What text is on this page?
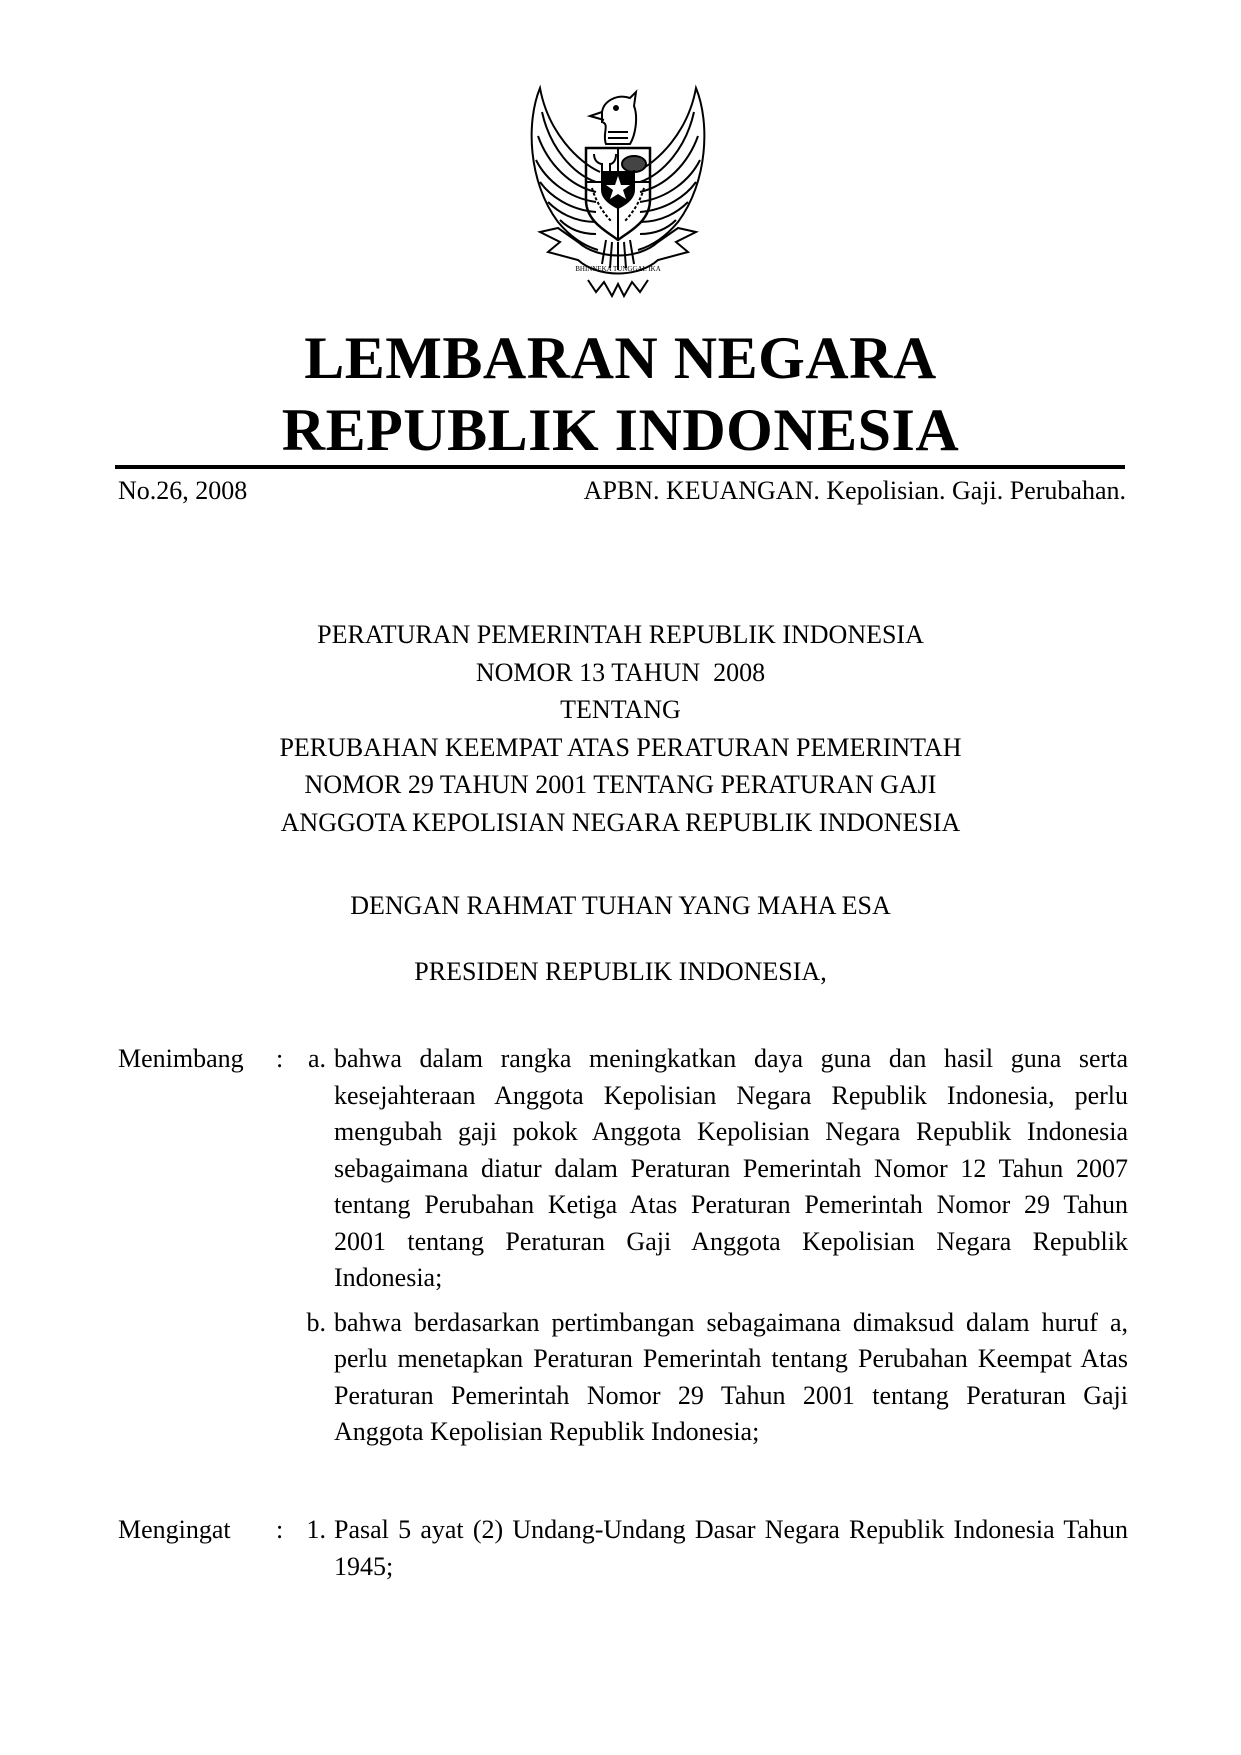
BHINNEKA TUNGGAL IKA
LEMBARAN NEGARA
REPUBLIK INDONESIA
No.26, 2008	APBN. KEUANGAN. Kepolisian. Gaji. Perubahan.
PERATURAN PEMERINTAH REPUBLIK INDONESIA
NOMOR 13 TAHUN  2008
TENTANG
PERUBAHAN KEEMPAT ATAS PERATURAN PEMERINTAH
NOMOR 29 TAHUN 2001 TENTANG PERATURAN GAJI
ANGGOTA KEPOLISIAN NEGARA REPUBLIK INDONESIA
DENGAN RAHMAT TUHAN YANG MAHA ESA
PRESIDEN REPUBLIK INDONESIA,
Menimbang	: a. bahwa dalam rangka meningkatkan daya guna dan hasil guna serta kesejahteraan Anggota Kepolisian Negara Republik Indonesia, perlu mengubah gaji pokok Anggota Kepolisian Negara Republik Indonesia sebagaimana diatur dalam Peraturan Pemerintah Nomor 12 Tahun 2007 tentang Perubahan Ketiga Atas Peraturan Pemerintah Nomor 29 Tahun 2001 tentang Peraturan Gaji Anggota Kepolisian Negara Republik Indonesia;
b. bahwa berdasarkan pertimbangan sebagaimana dimaksud dalam huruf a, perlu menetapkan Peraturan Pemerintah tentang Perubahan Keempat Atas Peraturan Pemerintah Nomor 29 Tahun 2001 tentang Peraturan Gaji Anggota Kepolisian Republik Indonesia;
Mengingat	: 1. Pasal 5 ayat (2) Undang-Undang Dasar Negara Republik Indonesia Tahun 1945;
